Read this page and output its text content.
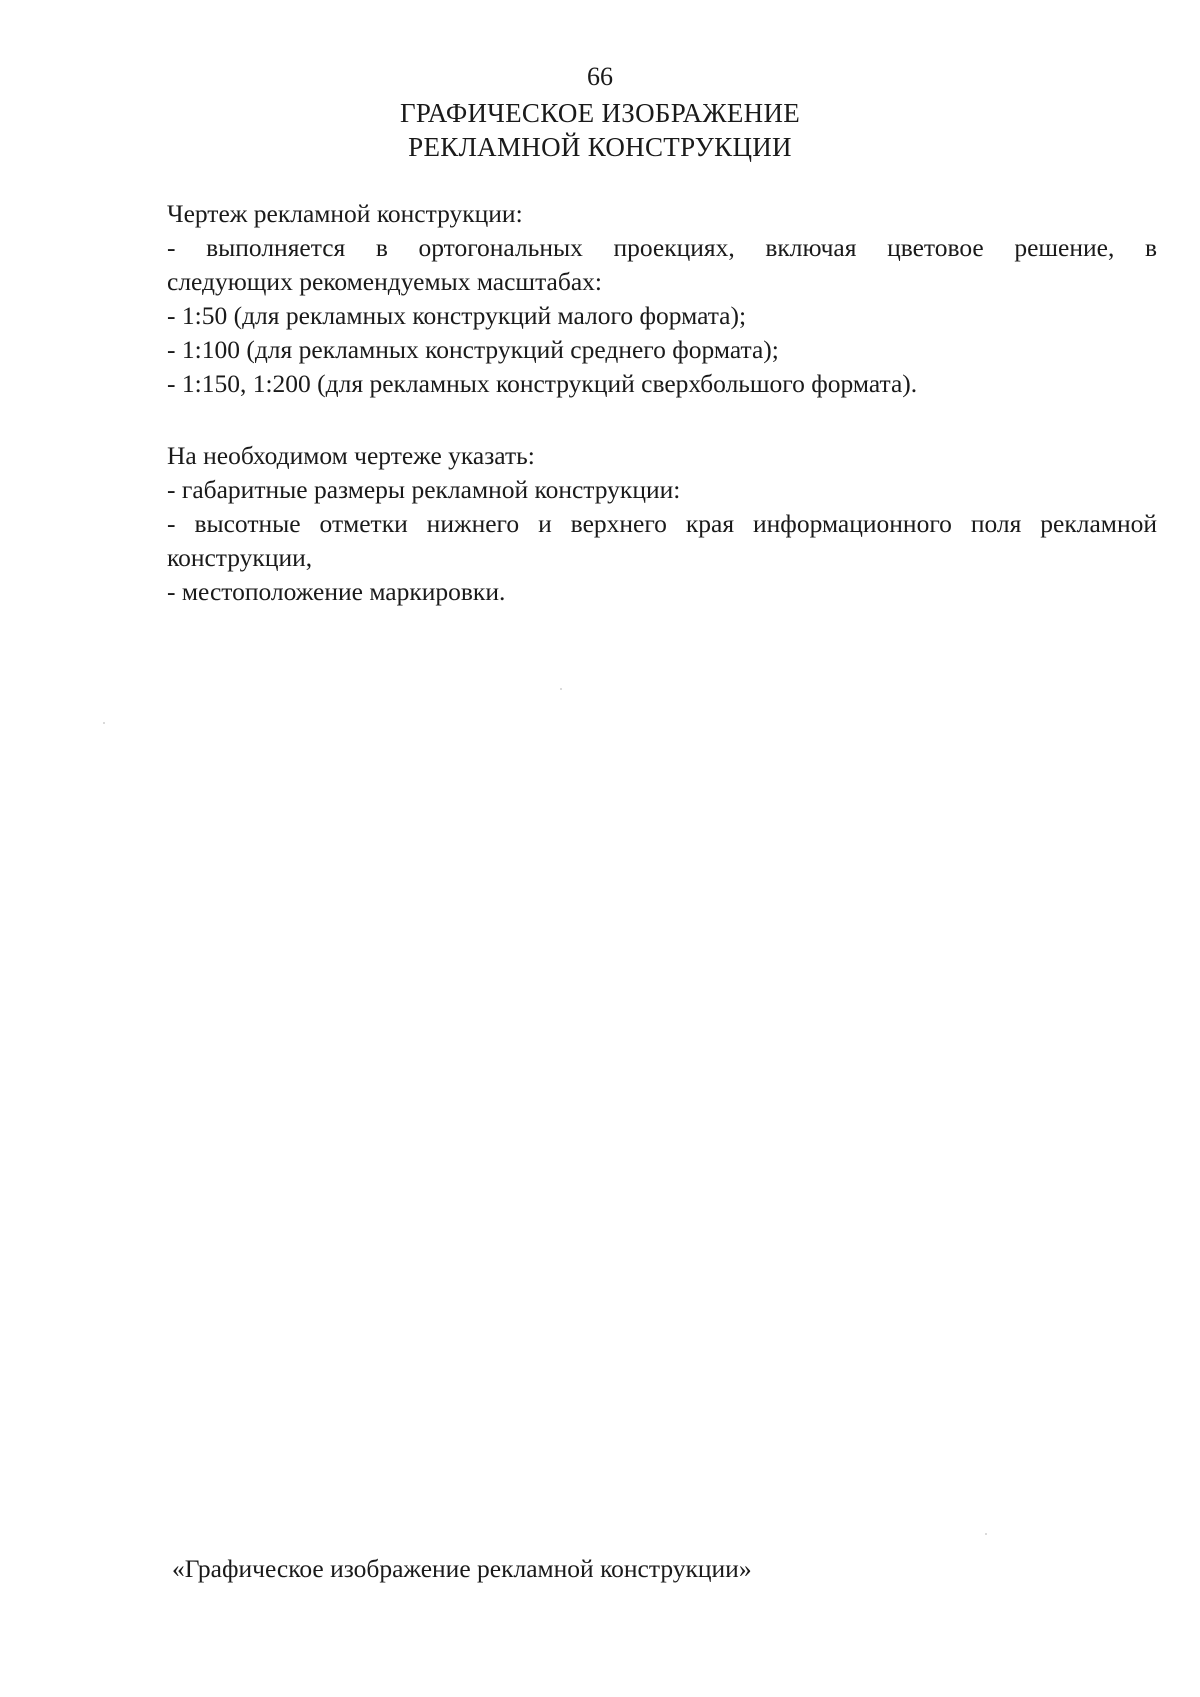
66
ГРАФИЧЕСКОЕ ИЗОБРАЖЕНИЕ
РЕКЛАМНОЙ КОНСТРУКЦИИ

Чертеж рекламной конструкции:

- выполняется в ортогональных проекциях, включая цветовое решение, в

следующих рекомендуемых масштабах:

- 1:50 (для рекламных конструкций малого формата);

- 1:100 (для рекламных конструкций среднего формата);

- 1:150, 1:200 (для рекламных конструкций сверхбольшого формата).

На необходимом чертеже указать:

- габаритные размеры рекламной конструкции:

- высотные отметки нижнего и верхнего края информационного поля рекламной

конструкции,

- местоположение маркировки.

«Графическое изображение рекламной конструкции»
